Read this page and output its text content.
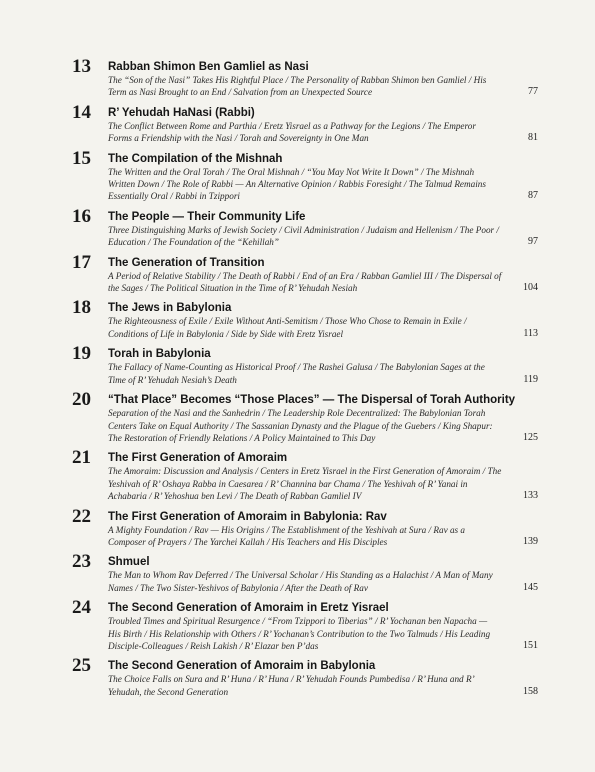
13	Rabban Shimon Ben Gamliel as Nasi
The “Son of the Nasi” Takes His Rightful Place / The Personality of Rabban Shimon ben Gamliel / His Term as Nasi Brought to an End / Salvation from an Unexpected Source	77
14	R’ Yehudah HaNasi (Rabbi)
The Conflict Between Rome and Parthia / Eretz Yisrael as a Pathway for the Legions / The Emperor Forms a Friendship with the Nasi / Torah and Sovereignty in One Man	81
15	The Compilation of the Mishnah
The Written and the Oral Torah / The Oral Mishnah / “You May Not Write It Down” / The Mishnah Written Down / The Role of Rabbi — An Alternative Opinion / Rabbis Foresight / The Talmud Remains Essentially Oral / Rabbi in Tzippori	87
16	The People — Their Community Life
Three Distinguishing Marks of Jewish Society / Civil Administration / Judaism and Hellenism / The Poor / Education / The Foundation of the “Kehillah”	97
17	The Generation of Transition
A Period of Relative Stability / The Death of Rabbi / End of an Era / Rabban Gamliel III / The Dispersal of the Sages / The Political Situation in the Time of R’ Yehudah Nesiah	104
18	The Jews in Babylonia
The Righteousness of Exile / Exile Without Anti-Semitism / Those Who Chose to Remain in Exile / Conditions of Life in Babylonia / Side by Side with Eretz Yisrael	113
19	Torah in Babylonia
The Fallacy of Name-Counting as Historical Proof / The Rashei Galusa / The Babylonian Sages at the Time of R’ Yehudah Nesiah’s Death	119
20	“That Place” Becomes “Those Places” — The Dispersal of Torah Authority
Separation of the Nasi and the Sanhedrin / The Leadership Role Decentralized: The Babylonian Torah Centers Take on Equal Authority / The Sassanian Dynasty and the Plague of the Guebers / King Shapur: The Restoration of Friendly Relations / A Policy Maintained to This Day	125
21	The First Generation of Amoraim
The Amoraim: Discussion and Analysis / Centers in Eretz Yisrael in the First Generation of Amoraim / The Yeshivah of R’ Oshaya Rabba in Caesarea / R’ Channina bar Chama / The Yeshivah of R’ Yanai in Achabaria / R’ Yehoshua ben Levi / The Death of Rabban Gamliel IV	133
22	The First Generation of Amoraim in Babylonia: Rav
A Mighty Foundation / Rav — His Origins / The Establishment of the Yeshivah at Sura / Rav as a Composer of Prayers / The Yarchei Kallah / His Teachers and His Disciples	139
23	Shmuel
The Man to Whom Rav Deferred / The Universal Scholar / His Standing as a Halachist / A Man of Many Names / The Two Sister-Yeshivos of Babylonia / After the Death of Rav	145
24	The Second Generation of Amoraim in Eretz Yisrael
Troubled Times and Spiritual Resurgence / “From Tzippori to Tiberias” / R’ Yochanan ben Napacha — His Birth / His Relationship with Others / R’ Yochanan’s Contribution to the Two Talmuds / His Leading Disciple-Colleagues / Reish Lakish / R’ Elazar ben P’das	151
25	The Second Generation of Amoraim in Babylonia
The Choice Falls on Sura and R’ Huna / R’ Huna / R’ Yehudah Founds Pumbedisa / R’ Huna and R’ Yehudah, the Second Generation	158
